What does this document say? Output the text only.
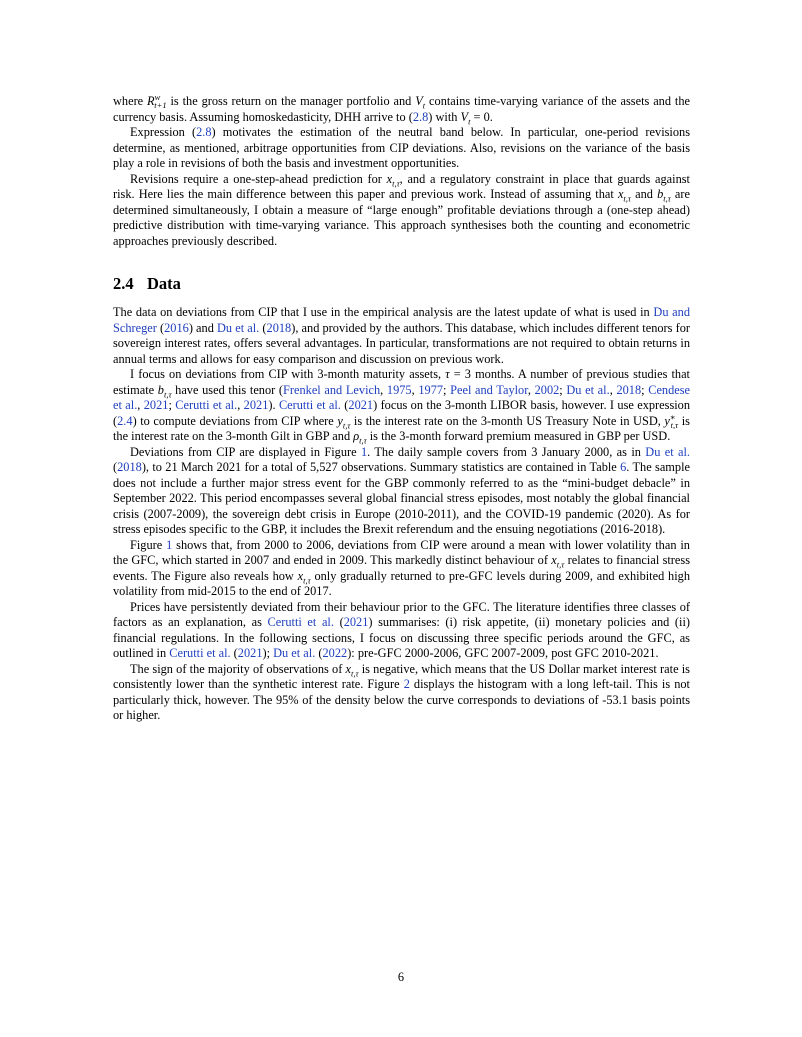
where $R^w_{t+1}$ is the gross return on the manager portfolio and $V_t$ contains time-varying variance of the assets and the currency basis. Assuming homoskedasticity, DHH arrive to (2.8) with $V_t = 0$.

Expression (2.8) motivates the estimation of the neutral band below. In particular, one-period revisions determine, as mentioned, arbitrage opportunities from CIP deviations. Also, revisions on the variance of the basis play a role in revisions of both the basis and investment opportunities.

Revisions require a one-step-ahead prediction for $x_{t,\tau}$, and a regulatory constraint in place that guards against risk. Here lies the main difference between this paper and previous work. Instead of assuming that $x_{t,\tau}$ and $b_{t,\tau}$ are determined simultaneously, I obtain a measure of “large enough” profitable deviations through a (one-step ahead) predictive distribution with time-varying variance. This approach synthesises both the counting and econometric approaches previously described.

2.4 Data

The data on deviations from CIP that I use in the empirical analysis are the latest update of what is used in Du and Schreger (2016) and Du et al. (2018), and provided by the authors. This database, which includes different tenors for sovereign interest rates, offers several advantages. In particular, transformations are not required to obtain returns in annual terms and allows for easy comparison and discussion on previous work.

I focus on deviations from CIP with 3-month maturity assets, τ = 3 months. A number of previous studies that estimate $b_{t,\tau}$ have used this tenor (Frenkel and Levich, 1975, 1977; Peel and Taylor, 2002; Du et al., 2018; Cendese et al., 2021; Cerutti et al., 2021). Cerutti et al. (2021) focus on the 3-month LIBOR basis, however. I use expression (2.4) to compute deviations from CIP where $y_{t,\tau}$ is the interest rate on the 3-month US Treasury Note in USD, $y^∗_{t,\tau}$ is the interest rate on the 3-month Gilt in GBP and $\rho_{t,\tau}$ is the 3-month forward premium measured in GBP per USD.

Deviations from CIP are displayed in Figure 1. The daily sample covers from 3 January 2000, as in Du et al. (2018), to 21 March 2021 for a total of 5,527 observations. Summary statistics are contained in Table 6. The sample does not include a further major stress event for the GBP commonly referred to as the “mini-budget debacle” in September 2022. This period encompasses several global financial stress episodes, most notably the global financial crisis (2007-2009), the sovereign debt crisis in Europe (2010-2011), and the COVID-19 pandemic (2020). As for stress episodes specific to the GBP, it includes the Brexit referendum and the ensuing negotiations (2016-2018).

Figure 1 shows that, from 2000 to 2006, deviations from CIP were around a mean with lower volatility than in the GFC, which started in 2007 and ended in 2009. This markedly distinct behaviour of $x_{t,\tau}$ relates to financial stress events. The Figure also reveals how $x_{t,\tau}$ only gradually returned to pre-GFC levels during 2009, and exhibited high volatility from mid-2015 to the end of 2017.

Prices have persistently deviated from their behaviour prior to the GFC. The literature identifies three classes of factors as an explanation, as Cerutti et al. (2021) summarises: (i) risk appetite, (ii) monetary policies and (ii) financial regulations. In the following sections, I focus on discussing three specific periods around the GFC, as outlined in Cerutti et al. (2021); Du et al. (2022): pre-GFC 2000-2006, GFC 2007-2009, post GFC 2010-2021.

The sign of the majority of observations of $x_{t,\tau}$ is negative, which means that the US Dollar market interest rate is consistently lower than the synthetic interest rate. Figure 2 displays the histogram with a long left-tail. This is not particularly thick, however. The 95% of the density below the curve corresponds to deviations of -53.1 basis points or higher.

6
